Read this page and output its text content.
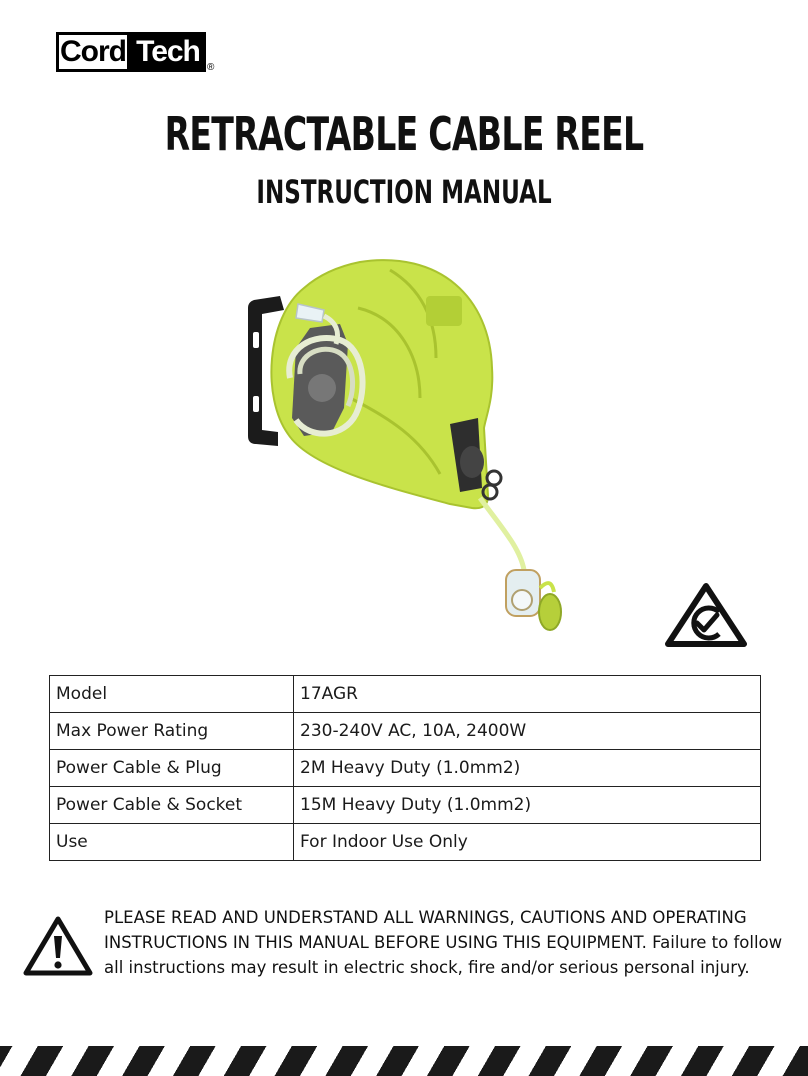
Cord Tech ®
RETRACTABLE CABLE REEL
INSTRUCTION MANUAL
Model	17AGR
Max Power Rating	230-240V AC, 10A, 2400W
Power Cable & Plug	2M Heavy Duty (1.0mm2)
Power Cable & Socket	15M Heavy Duty (1.0mm2)
Use	For Indoor Use Only

PLEASE READ AND UNDERSTAND ALL WARNINGS, CAUTIONS AND OPERATING INSTRUCTIONS IN THIS MANUAL BEFORE USING THIS EQUIPMENT. Failure to follow all instructions may result in electric shock, fire and/or serious personal injury.
